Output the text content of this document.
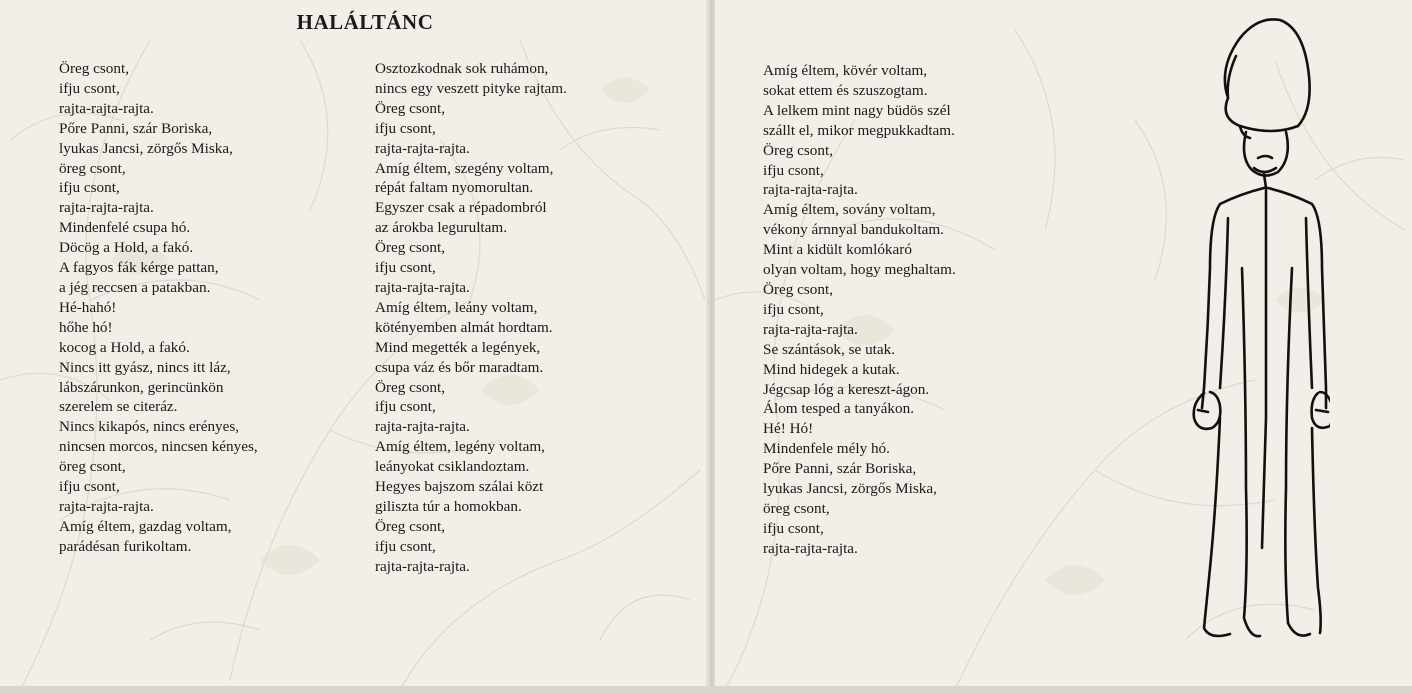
HALÁLTÁNC
Öreg csont,
ifju csont,
rajta-rajta-rajta.
Pőre Panni, szár Boriska,
lyukas Jancsi, zörgős Miska,
öreg csont,
ifju csont,
rajta-rajta-rajta.
Mindenfelé csupa hó.
Döcög a Hold, a fakó.
A fagyos fák kérge pattan,
a jég reccsen a patakban.
Hé-hahó!
hőhe hó!
kocog a Hold, a fakó.
Nincs itt gyász, nincs itt láz,
lábszárunkon, gerincünkön
szerelem se citeráz.
Nincs kikapós, nincs erényes,
nincsen morcos, nincsen kényes,
öreg csont,
ifju csont,
rajta-rajta-rajta.
Amíg éltem, gazdag voltam,
parádésan furikoltam.
Osztozkodnak sok ruhámon,
nincs egy veszett pityke rajtam.
Öreg csont,
ifju csont,
rajta-rajta-rajta.
Amíg éltem, szegény voltam,
répát faltam nyomorultan.
Egyszer csak a répadombról
az árokba legurultam.
Öreg csont,
ifju csont,
rajta-rajta-rajta.
Amíg éltem, leány voltam,
kötényemben almát hordtam.
Mind megették a legények,
csupa váz és bőr maradtam.
Öreg csont,
ifju csont,
rajta-rajta-rajta.
Amíg éltem, legény voltam,
leányokat csiklandoztam.
Hegyes bajszom szálai közt
giliszta túr a homokban.
Öreg csont,
ifju csont,
rajta-rajta-rajta.
Amíg éltem, kövér voltam,
sokat ettem és szuszogtam.
A lelkem mint nagy büdös szél
szállt el, mikor megpukkadtam.
Öreg csont,
ifju csont,
rajta-rajta-rajta.
Amíg éltem, sovány voltam,
vékony árnnyal bandukoltam.
Mint a kidült komlókaró
olyan voltam, hogy meghaltam.
Öreg csont,
ifju csont,
rajta-rajta-rajta.
Se szántások, se utak.
Mind hidegek a kutak.
Jégcsap lóg a kereszt-ágon.
Álom tesped a tanyákon.
Hé! Hó!
Mindenfele mély hó.
Pőre Panni, szár Boriska,
lyukas Jancsi, zörgős Miska,
öreg csont,
ifju csont,
rajta-rajta-rajta.
